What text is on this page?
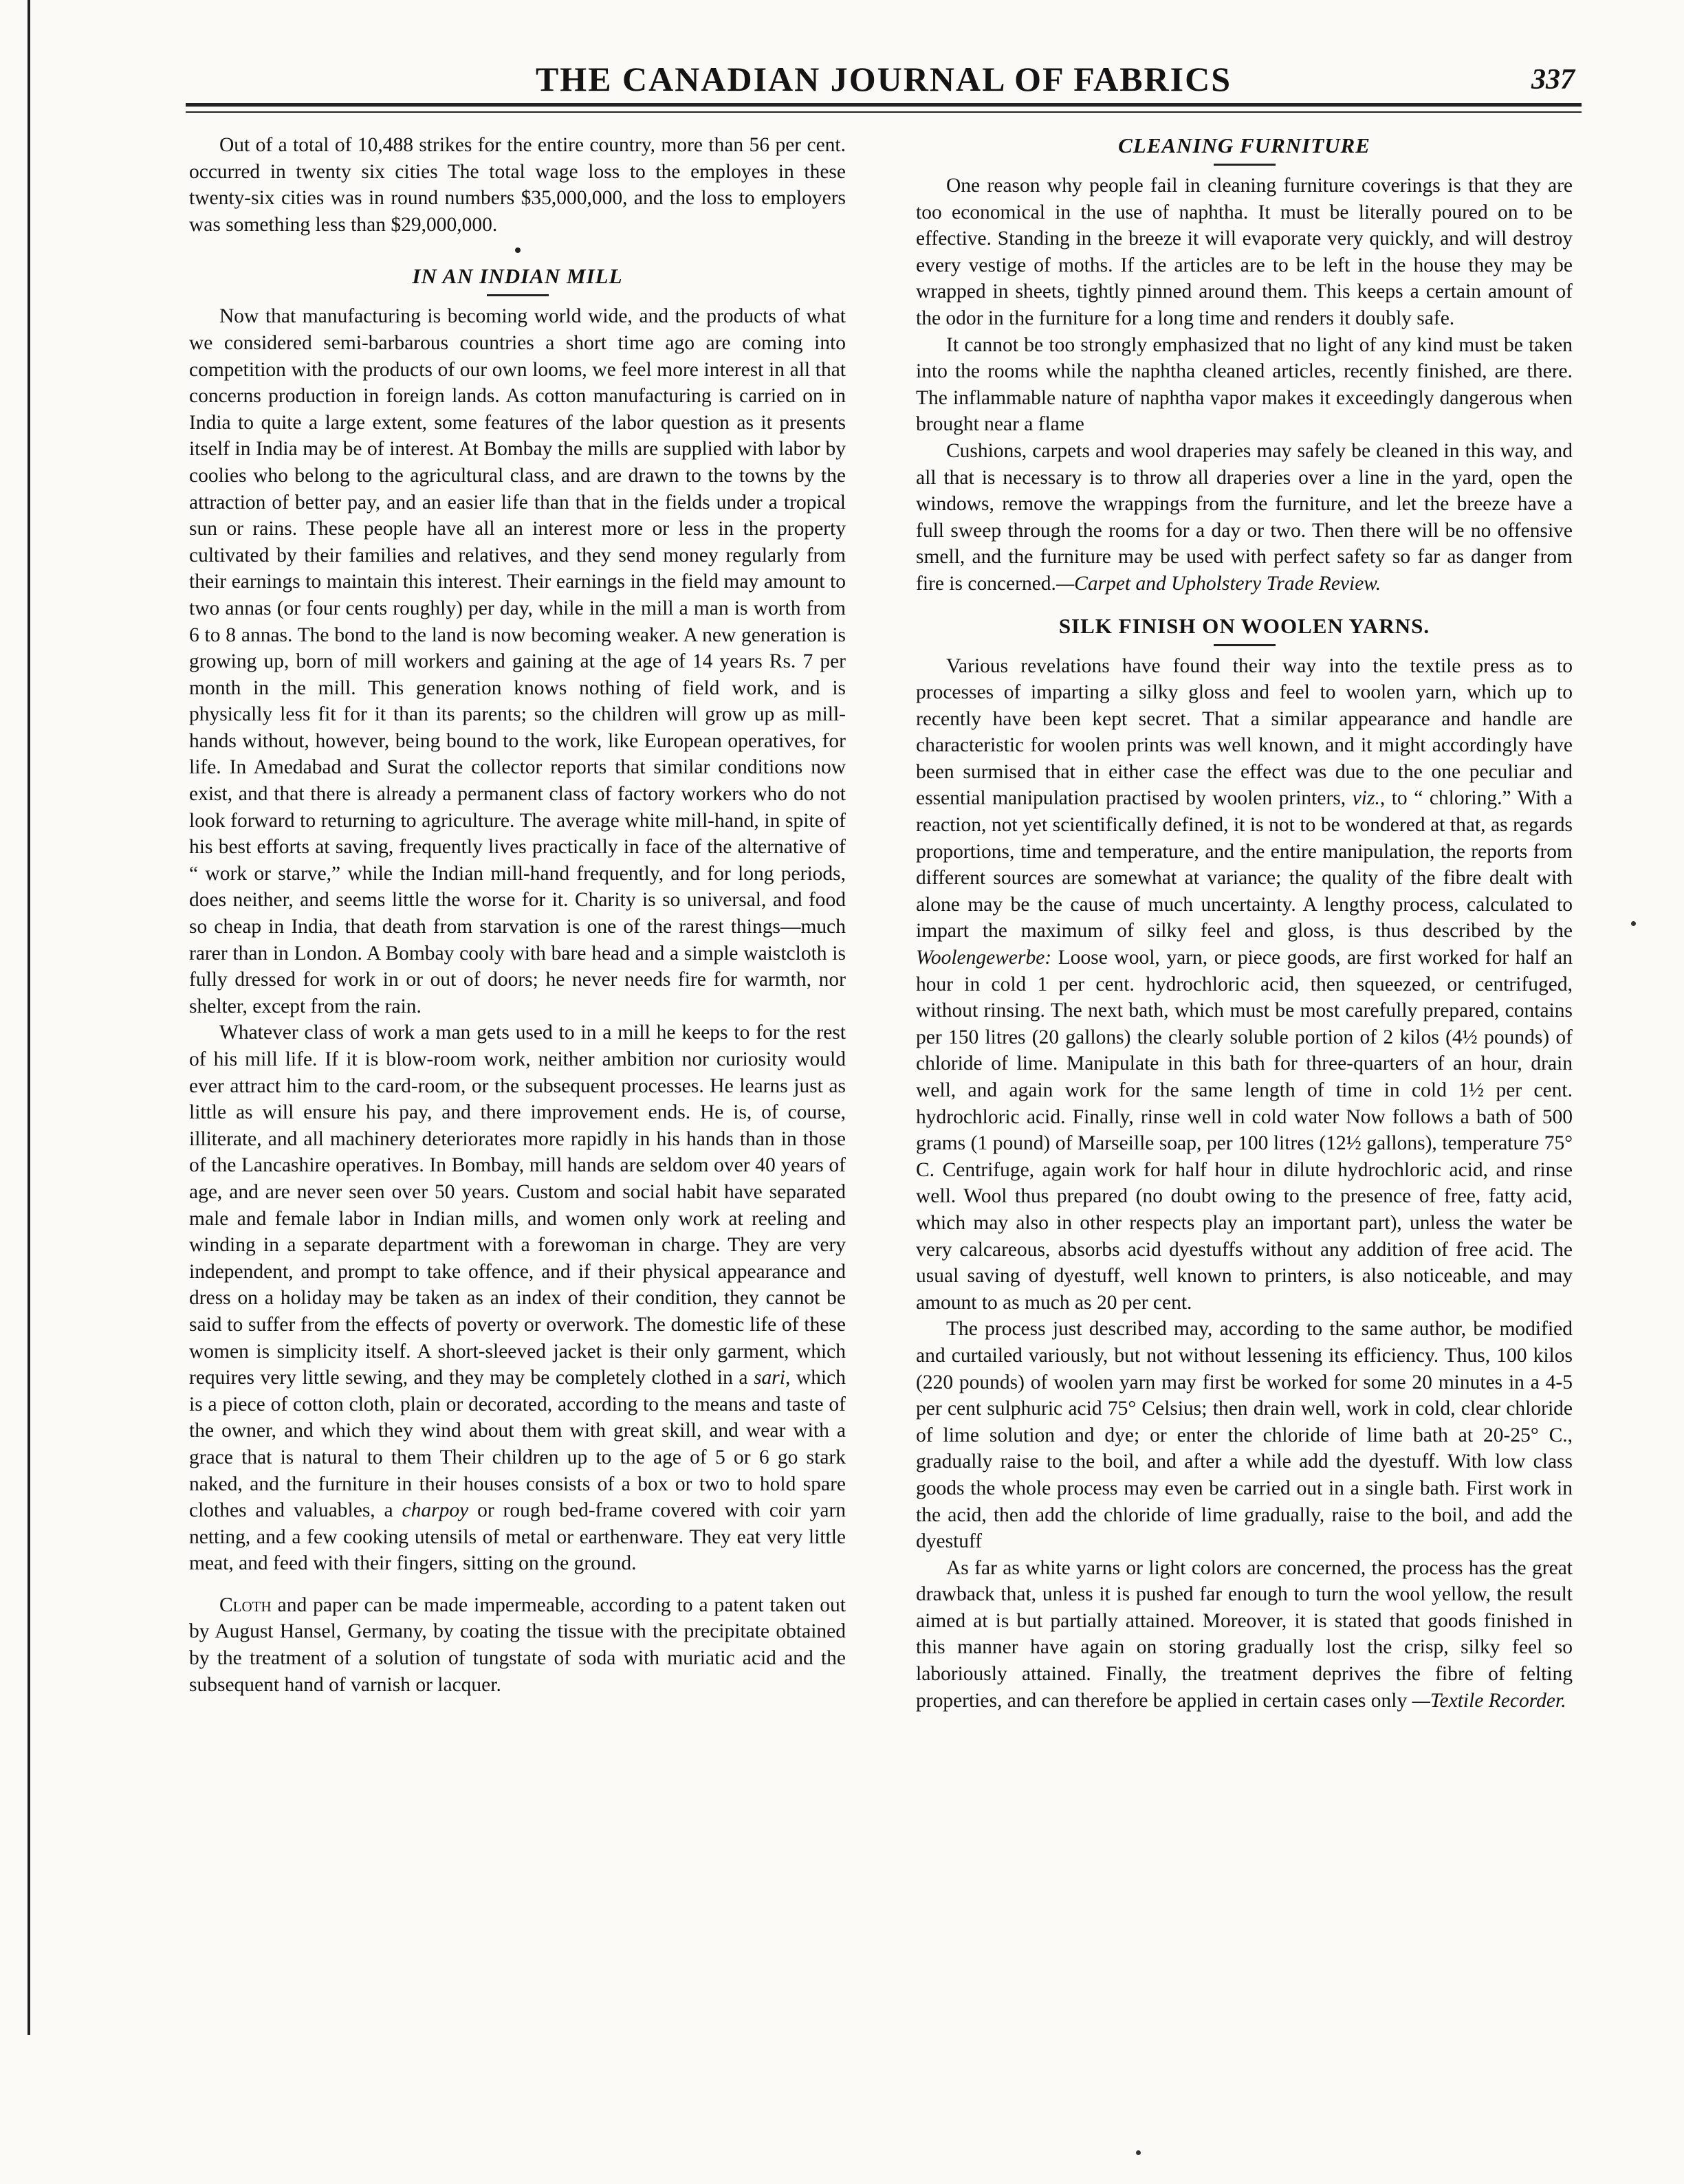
THE CANADIAN JOURNAL OF FABRICS	337

Out of a total of 10,488 strikes for the entire country, more than 56 per cent. occurred in twenty six cities The total wage loss to the employes in these twenty-six cities was in round numbers $35,000,000, and the loss to employers was something less than $29,000,000.

IN AN INDIAN MILL

Now that manufacturing is becoming world wide, and the products of what we considered semi-barbarous countries a short time ago are coming into competition with the products of our own looms, we feel more interest in all that concerns production in foreign lands. As cotton manufacturing is carried on in India to quite a large extent, some features of the labor question as it presents itself in India may be of interest. At Bombay the mills are supplied with labor by coolies who belong to the agricultural class, and are drawn to the towns by the attraction of better pay, and an easier life than that in the fields under a tropical sun or rains. These people have all an interest more or less in the property cultivated by their families and relatives, and they send money regularly from their earnings to maintain this interest. Their earnings in the field may amount to two annas (or four cents roughly) per day, while in the mill a man is worth from 6 to 8 annas. The bond to the land is now becoming weaker. A new generation is growing up, born of mill workers and gaining at the age of 14 years Rs. 7 per month in the mill. This generation knows nothing of field work, and is physically less fit for it than its parents; so the children will grow up as mill-hands without, however, being bound to the work, like European operatives, for life. In Amedabad and Surat the collector reports that similar conditions now exist, and that there is already a permanent class of factory workers who do not look forward to returning to agriculture. The average white mill-hand, in spite of his best efforts at saving, frequently lives practically in face of the alternative of “ work or starve,” while the Indian mill-hand frequently, and for long periods, does neither, and seems little the worse for it. Charity is so universal, and food so cheap in India, that death from starvation is one of the rarest things—much rarer than in London. A Bombay cooly with bare head and a simple waistcloth is fully dressed for work in or out of doors; he never needs fire for warmth, nor shelter, except from the rain.

Whatever class of work a man gets used to in a mill he keeps to for the rest of his mill life. If it is blow-room work, neither ambition nor curiosity would ever attract him to the card-room, or the subsequent processes. He learns just as little as will ensure his pay, and there improvement ends. He is, of course, illiterate, and all machinery deteriorates more rapidly in his hands than in those of the Lancashire operatives. In Bombay, mill hands are seldom over 40 years of age, and are never seen over 50 years. Custom and social habit have separated male and female labor in Indian mills, and women only work at reeling and winding in a separate department with a forewoman in charge. They are very independent, and prompt to take offence, and if their physical appearance and dress on a holiday may be taken as an index of their condition, they cannot be said to suffer from the effects of poverty or overwork. The domestic life of these women is simplicity itself. A short-sleeved jacket is their only garment, which requires very little sewing, and they may be completely clothed in a sari, which is a piece of cotton cloth, plain or decorated, according to the means and taste of the owner, and which they wind about them with great skill, and wear with a grace that is natural to them Their children up to the age of 5 or 6 go stark naked, and the furniture in their houses consists of a box or two to hold spare clothes and valuables, a charpoy or rough bed-frame covered with coir yarn netting, and a few cooking utensils of metal or earthenware. They eat very little meat, and feed with their fingers, sitting on the ground.

Cloth and paper can be made impermeable, according to a patent taken out by August Hansel, Germany, by coating the tissue with the precipitate obtained by the treatment of a solution of tungstate of soda with muriatic acid and the subsequent hand of varnish or lacquer.

CLEANING FURNITURE

One reason why people fail in cleaning furniture coverings is that they are too economical in the use of naphtha. It must be literally poured on to be effective. Standing in the breeze it will evaporate very quickly, and will destroy every vestige of moths. If the articles are to be left in the house they may be wrapped in sheets, tightly pinned around them. This keeps a certain amount of the odor in the furniture for a long time and renders it doubly safe.

It cannot be too strongly emphasized that no light of any kind must be taken into the rooms while the naphtha cleaned articles, recently finished, are there. The inflammable nature of naphtha vapor makes it exceedingly dangerous when brought near a flame

Cushions, carpets and wool draperies may safely be cleaned in this way, and all that is necessary is to throw all draperies over a line in the yard, open the windows, remove the wrappings from the furniture, and let the breeze have a full sweep through the rooms for a day or two. Then there will be no offensive smell, and the furniture may be used with perfect safety so far as danger from fire is concerned.—Carpet and Upholstery Trade Review.

SILK FINISH ON WOOLEN YARNS.

Various revelations have found their way into the textile press as to processes of imparting a silky gloss and feel to woolen yarn, which up to recently have been kept secret. That a similar appearance and handle are characteristic for woolen prints was well known, and it might accordingly have been surmised that in either case the effect was due to the one peculiar and essential manipulation practised by woolen printers, viz., to “ chloring.” With a reaction, not yet scientifically defined, it is not to be wondered at that, as regards proportions, time and temperature, and the entire manipulation, the reports from different sources are somewhat at variance; the quality of the fibre dealt with alone may be the cause of much uncertainty. A lengthy process, calculated to impart the maximum of silky feel and gloss, is thus described by the Woolengewerbe: Loose wool, yarn, or piece goods, are first worked for half an hour in cold 1 per cent. hydrochloric acid, then squeezed, or centrifuged, without rinsing. The next bath, which must be most carefully prepared, contains per 150 litres (20 gallons) the clearly soluble portion of 2 kilos (4½ pounds) of chloride of lime. Manipulate in this bath for three-quarters of an hour, drain well, and again work for the same length of time in cold 1½ per cent. hydrochloric acid. Finally, rinse well in cold water Now follows a bath of 500 grams (1 pound) of Marseille soap, per 100 litres (12½ gallons), temperature 75° C. Centrifuge, again work for half hour in dilute hydrochloric acid, and rinse well. Wool thus prepared (no doubt owing to the presence of free, fatty acid, which may also in other respects play an important part), unless the water be very calcareous, absorbs acid dyestuffs without any addition of free acid. The usual saving of dyestuff, well known to printers, is also noticeable, and may amount to as much as 20 per cent.

The process just described may, according to the same author, be modified and curtailed variously, but not without lessening its efficiency. Thus, 100 kilos (220 pounds) of woolen yarn may first be worked for some 20 minutes in a 4-5 per cent sulphuric acid 75° Celsius; then drain well, work in cold, clear chloride of lime solution and dye; or enter the chloride of lime bath at 20-25° C., gradually raise to the boil, and after a while add the dyestuff. With low class goods the whole process may even be carried out in a single bath. First work in the acid, then add the chloride of lime gradually, raise to the boil, and add the dyestuff

As far as white yarns or light colors are concerned, the process has the great drawback that, unless it is pushed far enough to turn the wool yellow, the result aimed at is but partially attained. Moreover, it is stated that goods finished in this manner have again on storing gradually lost the crisp, silky feel so laboriously attained. Finally, the treatment deprives the fibre of felting properties, and can therefore be applied in certain cases only —Textile Recorder.
